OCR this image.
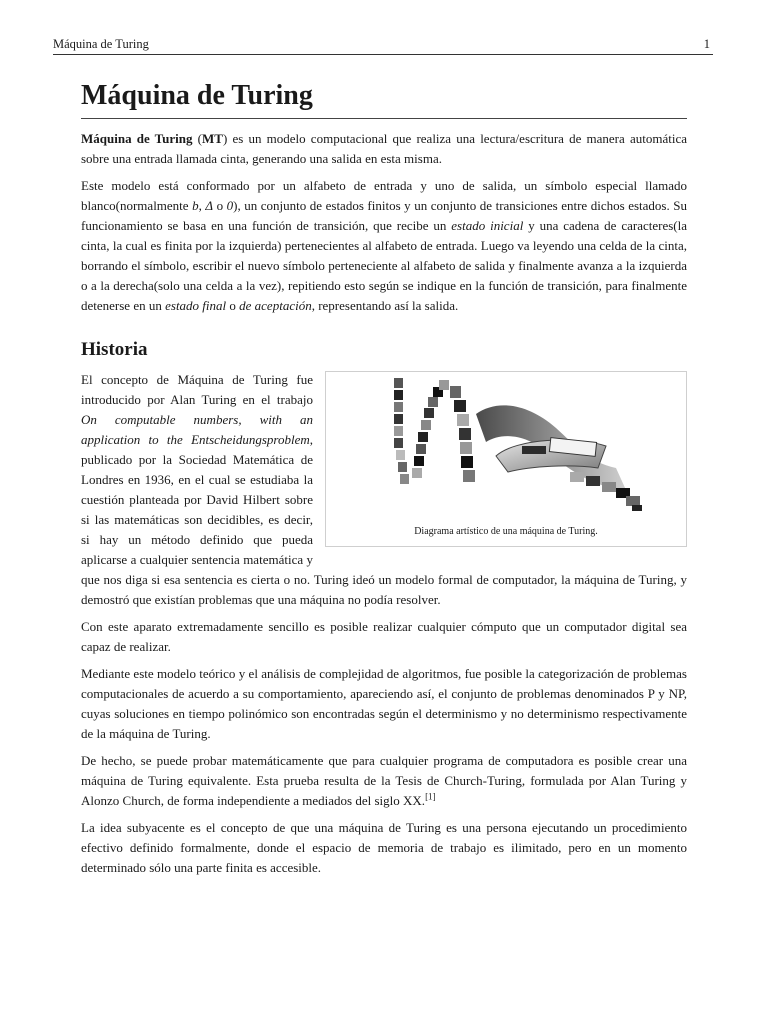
Máquina de Turing	1
Máquina de Turing

Máquina de Turing (MT) es un modelo computacional que realiza una lectura/escritura de manera automática sobre una entrada llamada cinta, generando una salida en esta misma.

Este modelo está conformado por un alfabeto de entrada y uno de salida, un símbolo especial llamado blanco(normalmente b, Δ o 0), un conjunto de estados finitos y un conjunto de transiciones entre dichos estados. Su funcionamiento se basa en una función de transición, que recibe un estado inicial y una cadena de caracteres(la cinta, la cual es finita por la izquierda) pertenecientes al alfabeto de entrada. Luego va leyendo una celda de la cinta, borrando el símbolo, escribir el nuevo símbolo perteneciente al alfabeto de salida y finalmente avanza a la izquierda o a la derecha(solo una celda a la vez), repitiendo esto según se indique en la función de transición, para finalmente detenerse en un estado final o de aceptación, representando así la salida.

Historia
Diagrama artístico de una máquina de Turing.

El concepto de Máquina de Turing fue introducido por Alan Turing en el trabajo On computable numbers, with an application to the Entscheidungsproblem, publicado por la Sociedad Matemática de Londres en 1936, en el cual se estudiaba la cuestión planteada por David Hilbert sobre si las matemáticas son decidibles, es decir, si hay un método definido que pueda aplicarse a cualquier sentencia matemática y que nos diga si esa sentencia es cierta o no. Turing ideó un modelo formal de computador, la máquina de Turing, y demostró que existían problemas que una máquina no podía resolver.

Con este aparato extremadamente sencillo es posible realizar cualquier cómputo que un computador digital sea capaz de realizar.

Mediante este modelo teórico y el análisis de complejidad de algoritmos, fue posible la categorización de problemas computacionales de acuerdo a su comportamiento, apareciendo así, el conjunto de problemas denominados P y NP, cuyas soluciones en tiempo polinómico son encontradas según el determinismo y no determinismo respectivamente de la máquina de Turing.

De hecho, se puede probar matemáticamente que para cualquier programa de computadora es posible crear una máquina de Turing equivalente. Esta prueba resulta de la Tesis de Church-Turing, formulada por Alan Turing y Alonzo Church, de forma independiente a mediados del siglo XX.[1]

La idea subyacente es el concepto de que una máquina de Turing es una persona ejecutando un procedimiento efectivo definido formalmente, donde el espacio de memoria de trabajo es ilimitado, pero en un momento determinado sólo una parte finita es accesible.
